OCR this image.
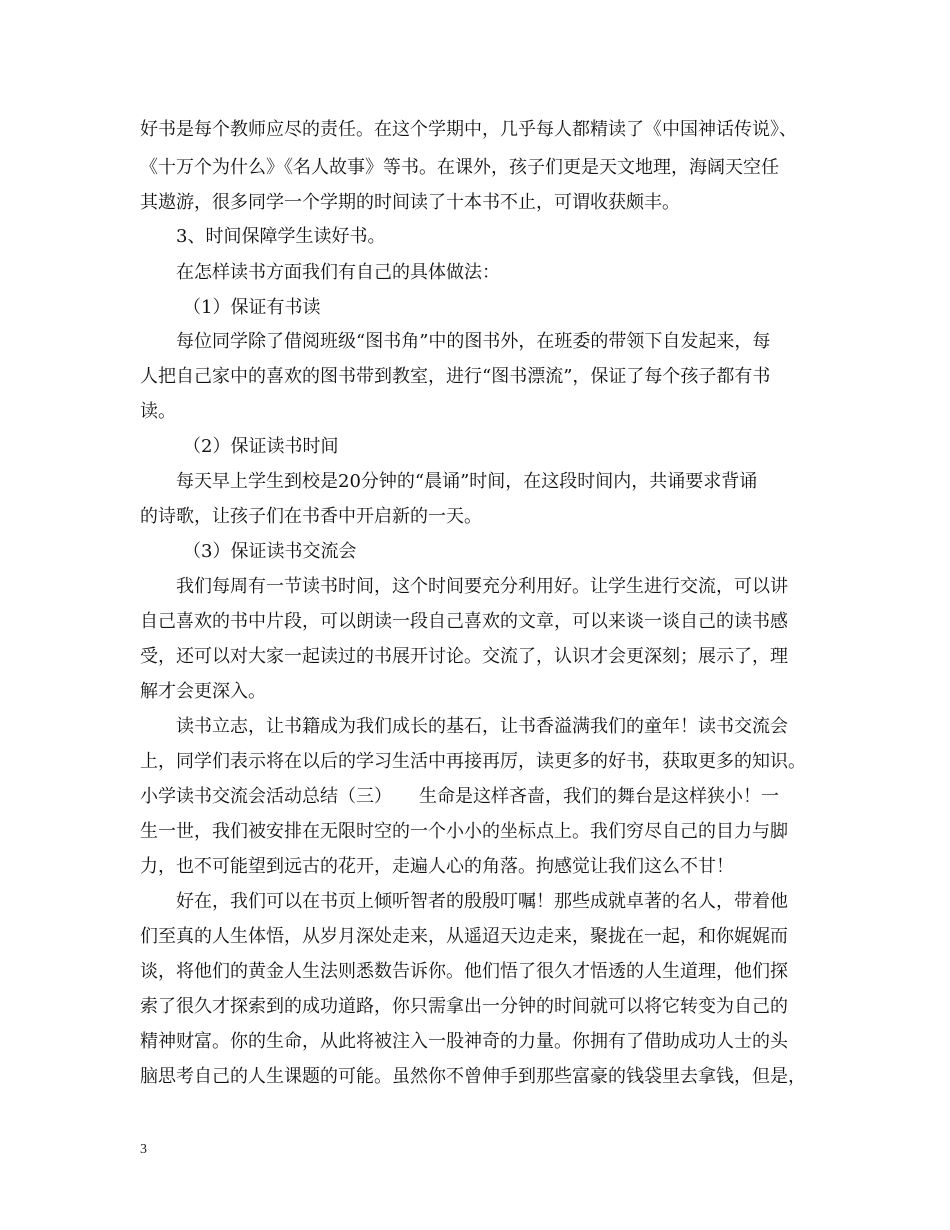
好书是每个教师应尽的责任。在这个学期中，几乎每人都精读了《中国神话传说》、
《十万个为什么》《名人故事》等书。在课外，孩子们更是天文地理，海阔天空任
其遨游，很多同学一个学期的时间读了十本书不止，可谓收获颇丰。
3、时间保障学生读好书。
在怎样读书方面我们有自己的具体做法：
（1）保证有书读
每位同学除了借阅班级“图书角”中的图书外，在班委的带领下自发起来，每
人把自己家中的喜欢的图书带到教室，进行“图书漂流”，保证了每个孩子都有书
读。
（2）保证读书时间
每天早上学生到校是20分钟的“晨诵”时间，在这段时间内，共诵要求背诵
的诗歌，让孩子们在书香中开启新的一天。
（3）保证读书交流会
我们每周有一节读书时间，这个时间要充分利用好。让学生进行交流，可以讲
自己喜欢的书中片段，可以朗读一段自己喜欢的文章，可以来谈一谈自己的读书感
受，还可以对大家一起读过的书展开讨论。交流了，认识才会更深刻；展示了，理
解才会更深入。
读书立志，让书籍成为我们成长的基石，让书香溢满我们的童年！读书交流会
上，同学们表示将在以后的学习生活中再接再厉，读更多的好书，获取更多的知识。
小学读书交流会活动总结（三）　　生命是这样吝啬，我们的舞台是这样狭小！一
生一世，我们被安排在无限时空的一个小小的坐标点上。我们穷尽自己的目力与脚
力，也不可能望到远古的花开，走遍人心的角落。拘感觉让我们这么不甘！
好在，我们可以在书页上倾听智者的殷殷叮嘱！那些成就卓著的名人，带着他
们至真的人生体悟，从岁月深处走来，从遥迢天边走来，聚拢在一起，和你娓娓而
谈，将他们的黄金人生法则悉数告诉你。他们悟了很久才悟透的人生道理，他们探
索了很久才探索到的成功道路，你只需拿出一分钟的时间就可以将它转变为自己的
精神财富。你的生命，从此将被注入一股神奇的力量。你拥有了借助成功人士的头
脑思考自己的人生课题的可能。虽然你不曾伸手到那些富豪的钱袋里去拿钱，但是，
3
